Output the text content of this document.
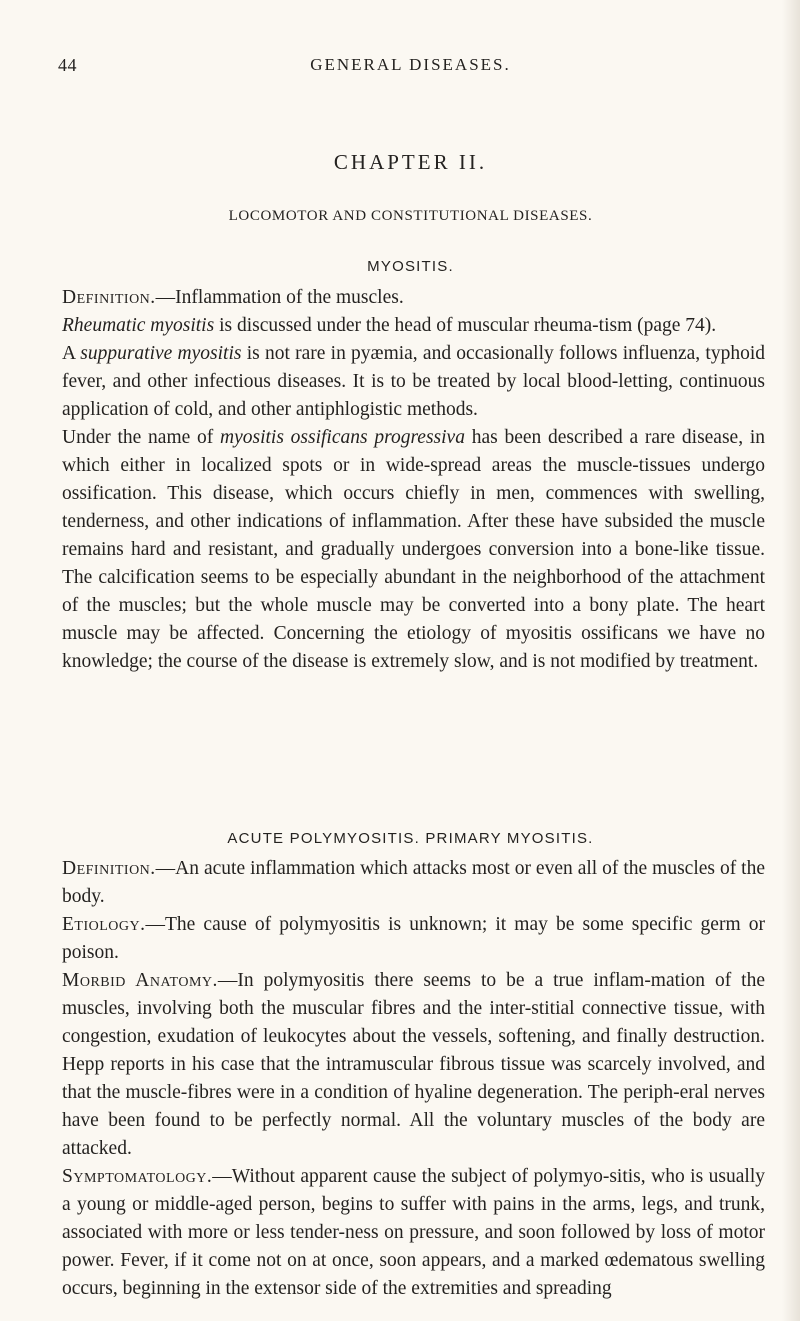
44	GENERAL DISEASES.
CHAPTER II.
LOCOMOTOR AND CONSTITUTIONAL DISEASES.
MYOSITIS.

Definition.—Inflammation of the muscles.

Rheumatic myositis is discussed under the head of muscular rheuma-tism (page 74).

A suppurative myositis is not rare in pyæmia, and occasionally follows influenza, typhoid fever, and other infectious diseases. It is to be treated by local blood-letting, continuous application of cold, and other antiphlogistic methods.

Under the name of myositis ossificans progressiva has been described a rare disease, in which either in localized spots or in wide-spread areas the muscle-tissues undergo ossification. This disease, which occurs chiefly in men, commences with swelling, tenderness, and other indications of inflammation. After these have subsided the muscle remains hard and resistant, and gradually undergoes conversion into a bone-like tissue. The calcification seems to be especially abundant in the neighborhood of the attachment of the muscles; but the whole muscle may be converted into a bony plate. The heart muscle may be affected. Concerning the etiology of myositis ossificans we have no knowledge; the course of the disease is extremely slow, and is not modified by treatment.

ACUTE POLYMYOSITIS. PRIMARY MYOSITIS.

Definition.—An acute inflammation which attacks most or even all of the muscles of the body.

Etiology.—The cause of polymyositis is unknown; it may be some specific germ or poison.

Morbid Anatomy.—In polymyositis there seems to be a true inflam-mation of the muscles, involving both the muscular fibres and the inter-stitial connective tissue, with congestion, exudation of leukocytes about the vessels, softening, and finally destruction. Hepp reports in his case that the intramuscular fibrous tissue was scarcely involved, and that the muscle-fibres were in a condition of hyaline degeneration. The periph-eral nerves have been found to be perfectly normal. All the voluntary muscles of the body are attacked.

Symptomatology.—Without apparent cause the subject of polymyo-sitis, who is usually a young or middle-aged person, begins to suffer with pains in the arms, legs, and trunk, associated with more or less tender-ness on pressure, and soon followed by loss of motor power. Fever, if it come not on at once, soon appears, and a marked œdematous swelling occurs, beginning in the extensor side of the extremities and spreading
